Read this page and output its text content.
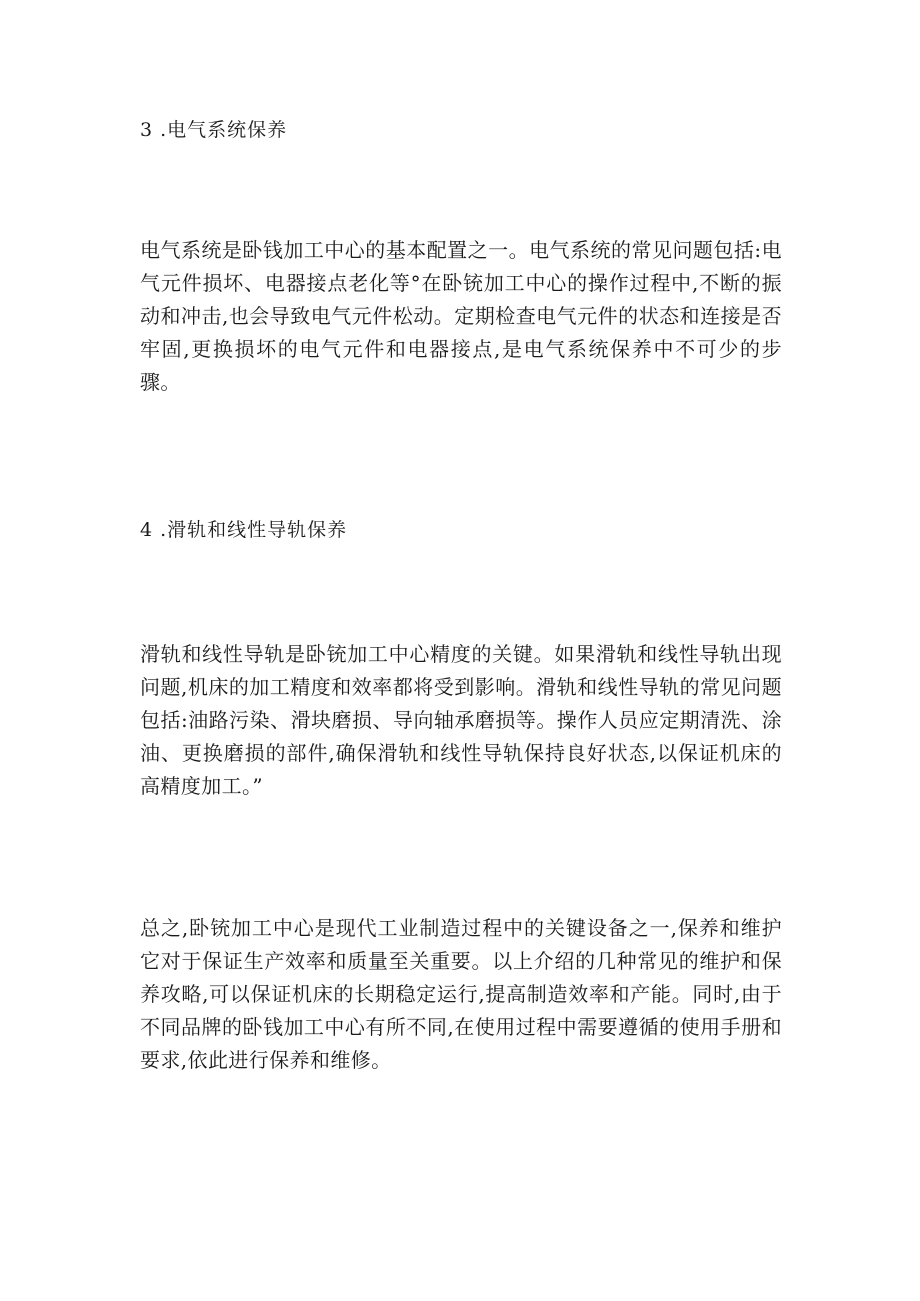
3 .电气系统保养

电气系统是卧钱加工中心的基本配置之一。电气系统的常见问题包括:电气元件损坏、电器接点老化等°在卧铳加工中心的操作过程中,不断的振动和冲击,也会导致电气元件松动。定期检查电气元件的状态和连接是否牢固,更换损坏的电气元件和电器接点,是电气系统保养中不可少的步骤。

4 .滑轨和线性导轨保养

滑轨和线性导轨是卧铳加工中心精度的关键。如果滑轨和线性导轨出现问题,机床的加工精度和效率都将受到影响。滑轨和线性导轨的常见问题包括:油路污染、滑块磨损、导向轴承磨损等。操作人员应定期清洗、涂油、更换磨损的部件,确保滑轨和线性导轨保持良好状态,以保证机床的高精度加工。”

总之,卧铳加工中心是现代工业制造过程中的关键设备之一,保养和维护它对于保证生产效率和质量至关重要。以上介绍的几种常见的维护和保养攻略,可以保证机床的长期稳定运行,提高制造效率和产能。同时,由于不同品牌的卧钱加工中心有所不同,在使用过程中需要遵循的使用手册和要求,依此进行保养和维修。
